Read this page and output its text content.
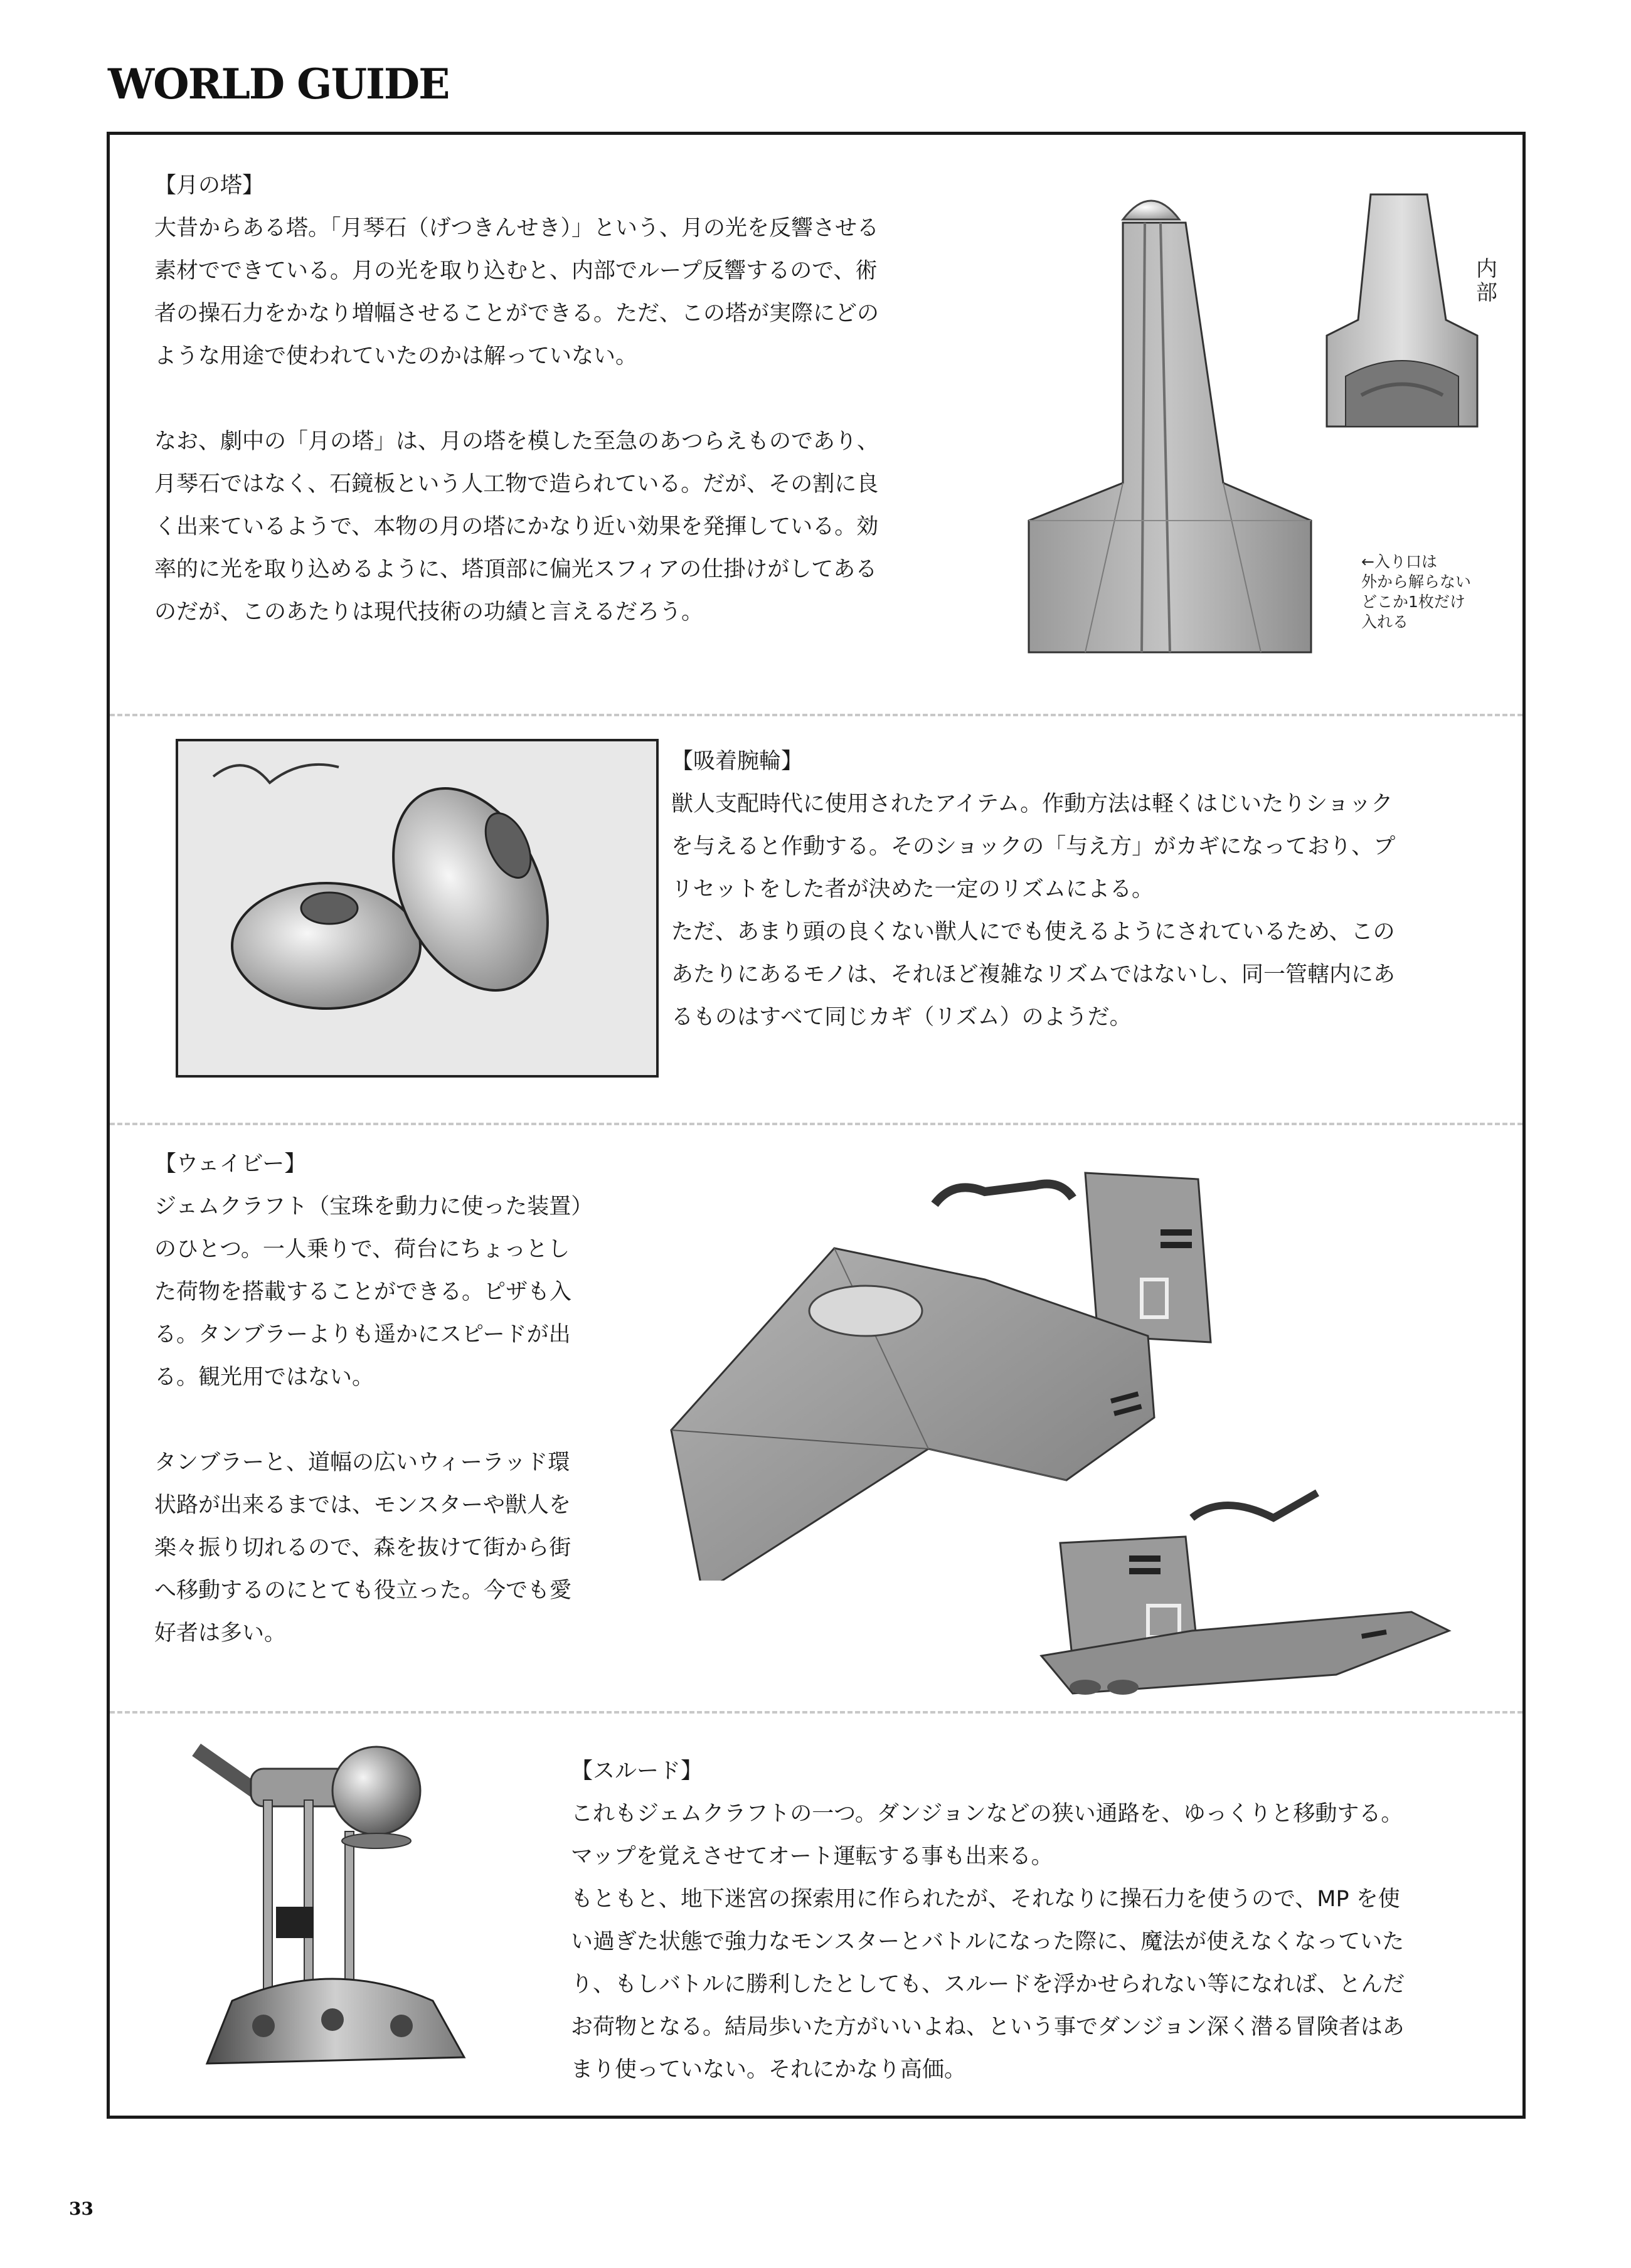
WORLD GUIDE
【月の塔】

大昔からある塔。「月琴石（げつきんせき）」という、月の光を反響させる

素材でできている。月の光を取り込むと、内部でループ反響するので、術

者の操石力をかなり増幅させることができる。ただ、この塔が実際にどの

ような用途で使われていたのかは解っていない。

なお、劇中の「月の塔」は、月の塔を模した至急のあつらえものであり、

月琴石ではなく、石鏡板という人工物で造られている。だが、その割に良

く出来ているようで、本物の月の塔にかなり近い効果を発揮している。効

率的に光を取り込めるように、塔頂部に偏光スフィアの仕掛けがしてある

のだが、このあたりは現代技術の功績と言えるだろう。

内部
←入り口は
外から解らない
どこか1枚だけ
入れる
【吸着腕輪】

獣人支配時代に使用されたアイテム。作動方法は軽くはじいたりショック

を与えると作動する。そのショックの「与え方」がカギになっており、プ

リセットをした者が決めた一定のリズムによる。

ただ、あまり頭の良くない獣人にでも使えるようにされているため、この

あたりにあるモノは、それほど複雑なリズムではないし、同一管轄内にあ

るものはすべて同じカギ（リズム）のようだ。

【ウェイビー】

ジェムクラフト（宝珠を動力に使った装置）

のひとつ。一人乗りで、荷台にちょっとし

た荷物を搭載することができる。ピザも入

る。タンブラーよりも遥かにスピードが出

る。観光用ではない。

タンブラーと、道幅の広いウィーラッド環

状路が出来るまでは、モンスターや獣人を

楽々振り切れるので、森を抜けて街から街

へ移動するのにとても役立った。今でも愛

好者は多い。

【スルード】

これもジェムクラフトの一つ。ダンジョンなどの狭い通路を、ゆっくりと移動する。

マップを覚えさせてオート運転する事も出来る。

もともと、地下迷宮の探索用に作られたが、それなりに操石力を使うので、MP を使

い過ぎた状態で強力なモンスターとバトルになった際に、魔法が使えなくなっていた

り、もしバトルに勝利したとしても、スルードを浮かせられない等になれば、とんだ

お荷物となる。結局歩いた方がいいよね、という事でダンジョン深く潜る冒険者はあ

まり使っていない。それにかなり高価。

33
